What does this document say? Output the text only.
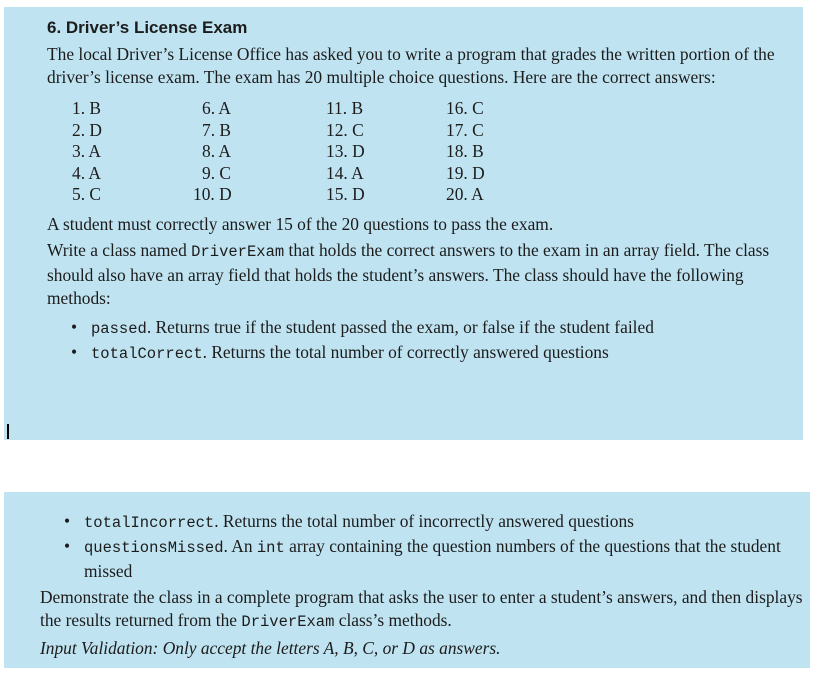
6. Driver’s License Exam

The local Driver’s License Office has asked you to write a program that grades the written portion of the driver’s license exam. The exam has 20 multiple choice questions. Here are the correct answers:

1. B
2. D
3. A
4. A
5. C
6. A
7. B
8. A
9. C
10. D
11. B
12. C
13. D
14. A
15. D
16. C
17. C
18. B
19. D
20. A

A student must correctly answer 15 of the 20 questions to pass the exam.

Write a class named DriverExam that holds the correct answers to the exam in an array field. The class should also have an array field that holds the student’s answers. The class should have the following methods:

• passed. Returns true if the student passed the exam, or false if the student failed
• totalCorrect. Returns the total number of correctly answered questions
• totalIncorrect. Returns the total number of incorrectly answered questions
• questionsMissed. An int array containing the question numbers of the questions that the student missed

Demonstrate the class in a complete program that asks the user to enter a student’s answers, and then displays the results returned from the DriverExam class’s methods.

Input Validation: Only accept the letters A, B, C, or D as answers.
